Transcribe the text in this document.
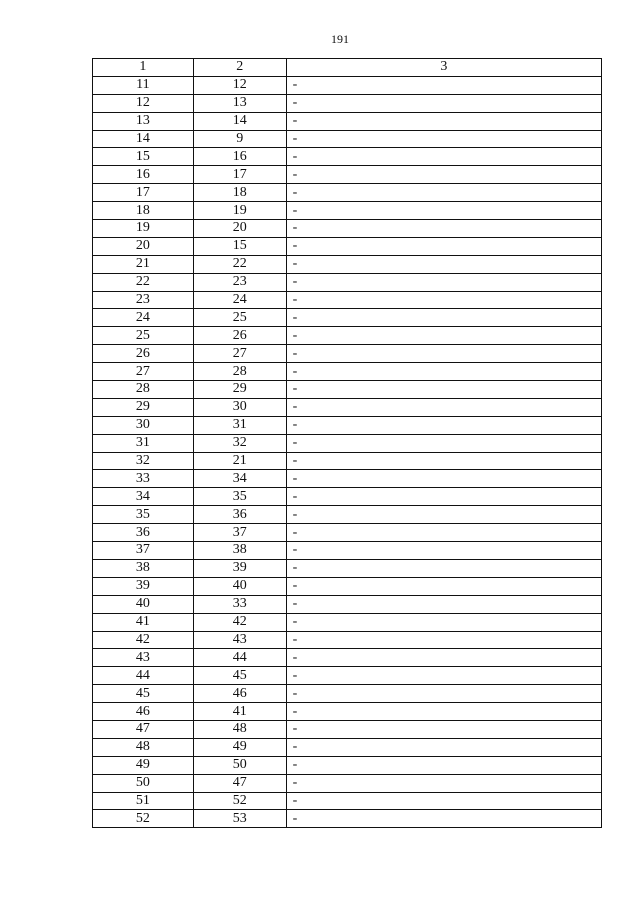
191
1	2	3
11	12	-
12	13	-
13	14	-
14	9	-
15	16	-
16	17	-
17	18	-
18	19	-
19	20	-
20	15	-
21	22	-
22	23	-
23	24	-
24	25	-
25	26	-
26	27	-
27	28	-
28	29	-
29	30	-
30	31	-
31	32	-
32	21	-
33	34	-
34	35	-
35	36	-
36	37	-
37	38	-
38	39	-
39	40	-
40	33	-
41	42	-
42	43	-
43	44	-
44	45	-
45	46	-
46	41	-
47	48	-
48	49	-
49	50	-
50	47	-
51	52	-
52	53	-
